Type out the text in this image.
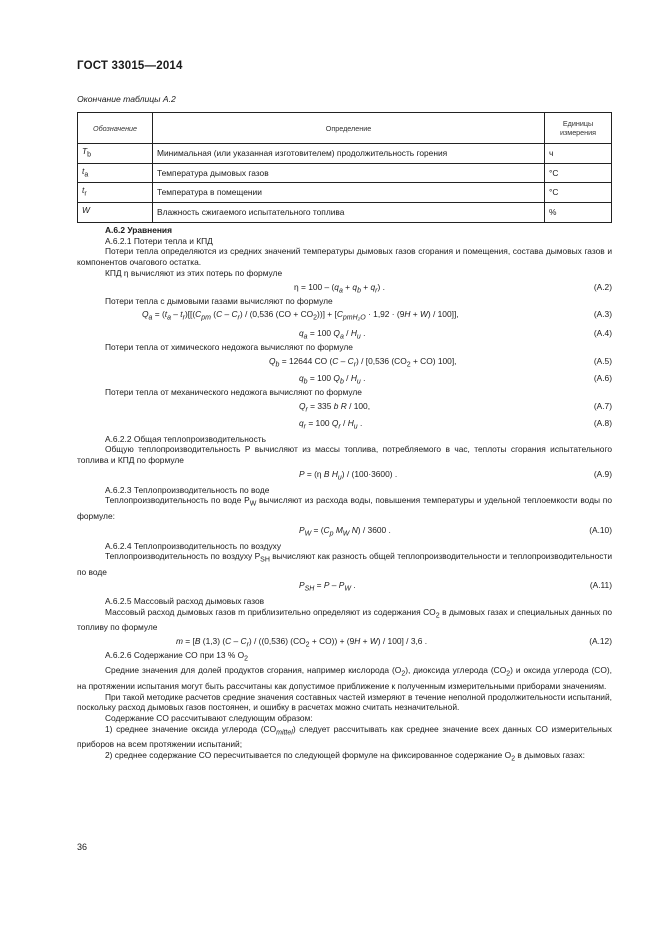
ГОСТ 33015—2014
Окончание таблицы А.2
Обозначение	Определение	Единицы измерения
$T_b$	Минимальная (или указанная изготовителем) продолжительность горения	ч
$t_a$	Температура дымовых газов	°C
$t_r$	Температура в помещении	°C
W	Влажность сжигаемого испытательного топлива	%

А.6.2 Уравнения

А.6.2.1 Потери тепла и КПД

Потери тепла определяются из средних значений температуры дымовых газов сгорания и помещения, состава дымовых газов и компонентов очагового остатка.

КПД η вычисляют из этих потерь по формуле

$\eta = 100 - (q_a + q_b + q_r)$ .	(А.2)

Потери тепла с дымовыми газами вычисляют по формуле

$Q_a = (t_a - t_r)[[(C_{pm}$ $(C - C_r) / (0,536$ $(CO + CO_2))] + [C_{pmH_2O} \cdot 1,92 \cdot (9H + W) / 100]$],	(А.3)
$q_a = 100$ $Q_a / H_u$ .	(А.4)

Потери тепла от химического недожога вычисляют по формуле

$Q_b = 12644$ CO $(C - C_r) / [0,536$ $(CO_2 + CO)$ 100],	(А.5)
$q_b = 100$ $Q_b / H_u$ .	(А.6)

Потери тепла от механического недожога вычисляют по формуле

$Q_r = 335$ b R / 100,	(А.7)
$q_r = 100$ $Q_r / H_u$ .	(А.8)

А.6.2.2 Общая теплопроизводительность

Общую теплопроизводительность P вычисляют из массы топлива, потребляемого в час, теплоты сгорания испытательного топлива и КПД по формуле

P = (η B $H_u) / (100\cdot 3600)$ .	(А.9)

А.6.2.3 Теплопроизводительность по воде

Теплопроизводительность по воде $P_W$ вычисляют из расхода воды, повышения температуры и удельной теплоемкости воды по формуле:

$P_W = (C_p$ $M_W$ N) / 3600 .	(А.10)

А.6.2.4 Теплопроизводительность по воздуху

Теплопроизводительность по воздуху $P_{SH}$ вычисляют как разность общей теплопроизводительности и теплопроизводительности по воде

$P_{SH} = P - P_W$ .	(А.11)

А.6.2.5 Массовый расход дымовых газов

Массовый расход дымовых газов m приблизительно определяют из содержания $CO_2$ в дымовых газах и специальных данных по топливу по формуле

m = [B (1,3) $(C - C_r) / ((0,536) (CO_2 + CO)) + (9H + W) / 100] / 3,6$ .	(А.12)

А.6.2.6 Содержание CO при 13 % $O_2$

Средние значения для долей продуктов сгорания, например кислорода $(O_2)$, диоксида углерода $(CO_2)$ и оксида углерода (CO), на протяжении испытания могут быть рассчитаны как допустимое приближение к полученным измерительными приборами значениям.

При такой методике расчетов средние значения составных частей измеряют в течение неполной продолжительности испытаний, поскольку расход дымовых газов постоянен, и ошибку в расчетах можно считать незначительной.

Содержание CO рассчитывают следующим образом:

1) среднее значение оксида углерода $(CO_{mittel})$ следует рассчитывать как среднее значение всех данных CO измерительных приборов на всем протяжении испытаний;

2) среднее содержание CO пересчитывается по следующей формуле на фиксированное содержание $O_2$ в дымовых газах:

36
